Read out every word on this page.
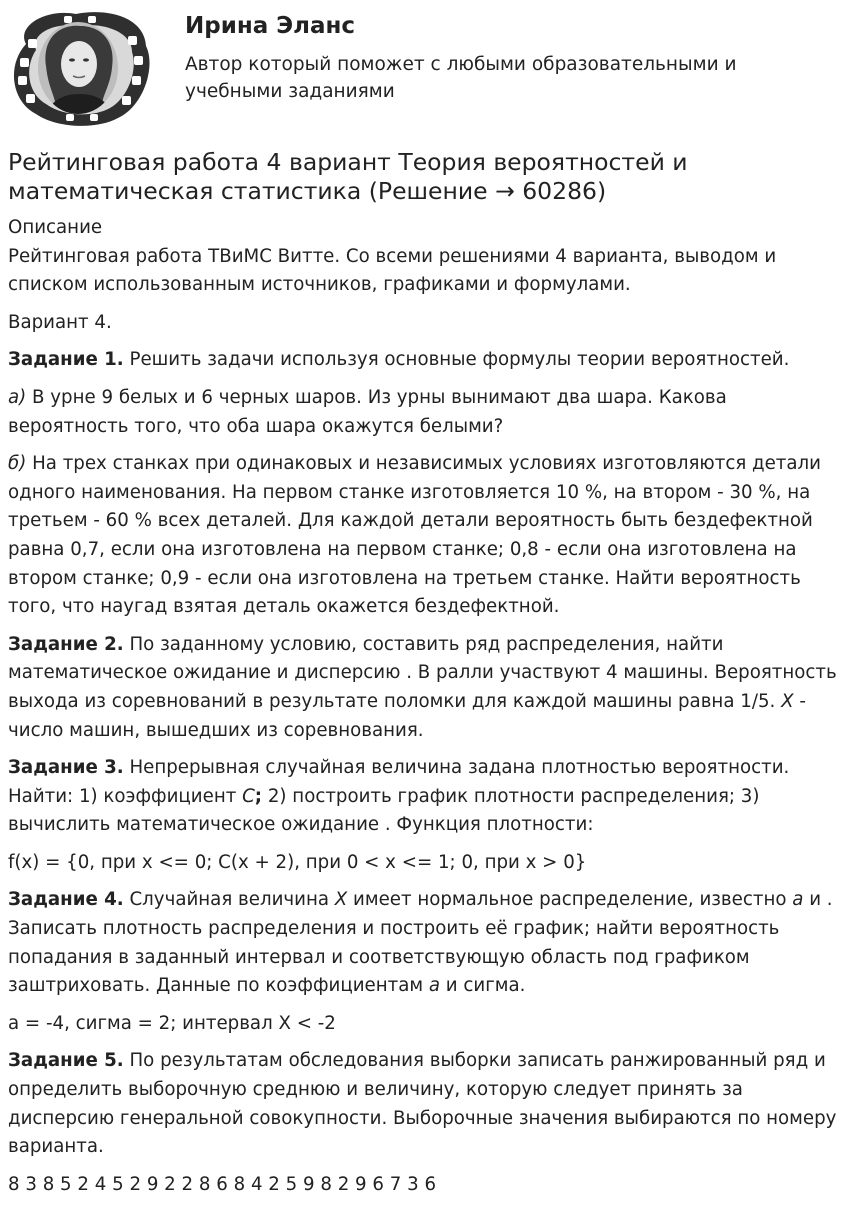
Ирина Эланс

Автор который поможет с любыми образовательными и учебными заданиями

Рейтинговая работа 4 вариант Теория вероятностей и математическая статистика (Решение → 60286)

Описание
Рейтинговая работа ТВиМС Витте. Со всеми решениями 4 варианта, выводом и списком использованным источников, графиками и формулами.

Вариант 4.

Задание 1. Решить задачи используя основные формулы теории вероятностей.

а) В урне 9 белых и 6 черных шаров. Из урны вынимают два шара. Какова вероятность того, что оба шара окажутся белыми?

б) На трех станках при одинаковых и независимых условиях изготовляются детали одного наименования. На первом станке изготовляется 10 %, на втором - 30 %, на третьем - 60 % всех деталей. Для каждой детали вероятность быть бездефектной равна 0,7, если она изготовлена на первом станке; 0,8 - если она изготовлена на втором станке; 0,9 - если она изготовлена на третьем станке. Найти вероятность того, что наугад взятая деталь окажется бездефектной.

Задание 2. По заданному условию, составить ряд распределения, найти математическое ожидание и дисперсию . В ралли участвуют 4 машины. Вероятность выхода из соревнований в результате поломки для каждой машины равна 1/5. X - число машин, вышедших из соревнования.

Задание 3. Непрерывная случайная величина задана плотностью вероятности. Найти: 1) коэффициент C; 2) построить график плотности распределения; 3) вычислить математическое ожидание . Функция плотности:

f(x) = {0, при x <= 0; C(x + 2), при 0 < x <= 1; 0, при x > 0}

Задание 4. Случайная величина X имеет нормальное распределение, известно a и . Записать плотность распределения и построить её график; найти вероятность попадания в заданный интервал и соответствующую область под графиком заштриховать. Данные по коэффициентам a и сигма.

a = -4, сигма = 2; интервал X < -2

Задание 5. По результатам обследования выборки записать ранжированный ряд и определить выборочную среднюю и величину, которую следует принять за дисперсию генеральной совокупности. Выборочные значения выбираются по номеру варианта.

8 3 8 5 2 4 5 2 9 2 2 8 6 8 4 2 5 9 8 2 9 6 7 3 6
